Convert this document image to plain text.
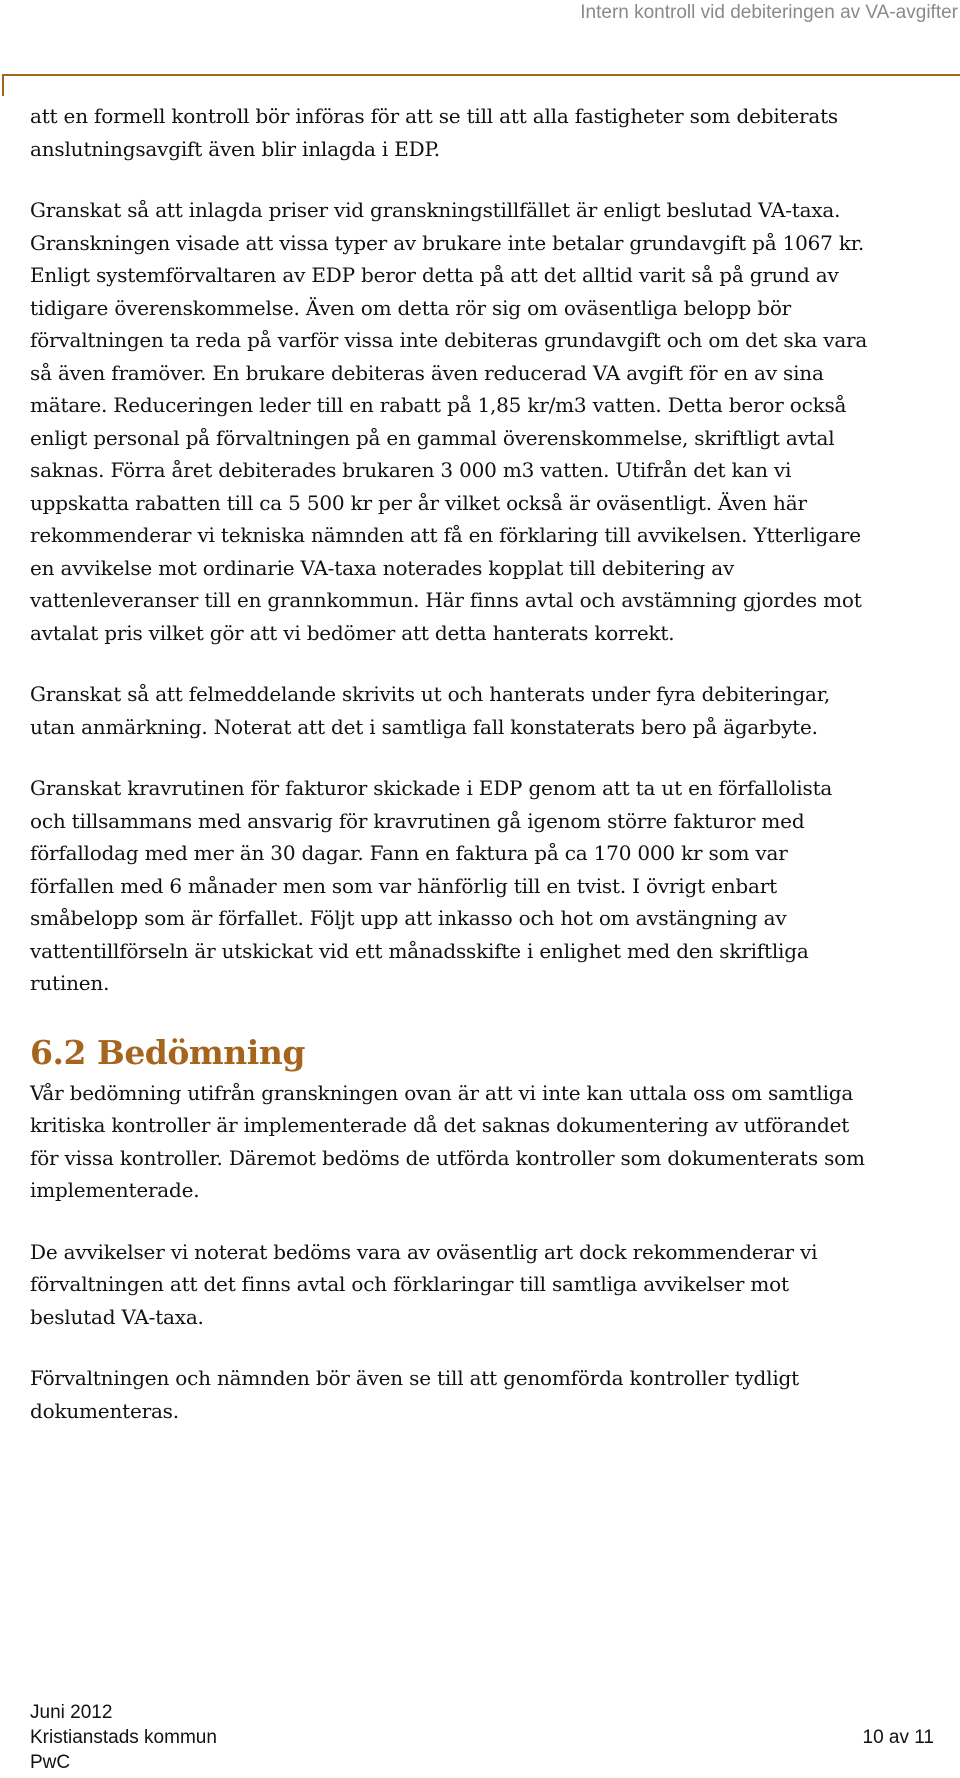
Intern kontroll vid debiteringen av VA-avgifter

att en formell kontroll bör införas för att se till att alla fastigheter som debiterats
anslutningsavgift även blir inlagda i EDP.

Granskat så att inlagda priser vid granskningstillfället är enligt beslutad VA-taxa.
Granskningen visade att vissa typer av brukare inte betalar grundavgift på 1067 kr.
Enligt systemförvaltaren av EDP beror detta på att det alltid varit så på grund av
tidigare överenskommelse. Även om detta rör sig om oväsentliga belopp bör
förvaltningen ta reda på varför vissa inte debiteras grundavgift och om det ska vara
så även framöver. En brukare debiteras även reducerad VA avgift för en av sina
mätare. Reduceringen leder till en rabatt på 1,85 kr/m3 vatten. Detta beror också
enligt personal på förvaltningen på en gammal överenskommelse, skriftligt avtal
saknas. Förra året debiterades brukaren 3 000 m3 vatten. Utifrån det kan vi
uppskatta rabatten till ca 5 500 kr per år vilket också är oväsentligt. Även här
rekommenderar vi tekniska nämnden att få en förklaring till avvikelsen. Ytterligare
en avvikelse mot ordinarie VA-taxa noterades kopplat till debitering av
vattenleveranser till en grannkommun. Här finns avtal och avstämning gjordes mot
avtalat pris vilket gör att vi bedömer att detta hanterats korrekt.

Granskat så att felmeddelande skrivits ut och hanterats under fyra debiteringar,
utan anmärkning. Noterat att det i samtliga fall konstaterats bero på ägarbyte.

Granskat kravrutinen för fakturor skickade i EDP genom att ta ut en förfallolista
och tillsammans med ansvarig för kravrutinen gå igenom större fakturor med
förfallodag med mer än 30 dagar. Fann en faktura på ca 170 000 kr som var
förfallen med 6 månader men som var hänförlig till en tvist. I övrigt enbart
småbelopp som är förfallet. Följt upp att inkasso och hot om avstängning av
vattentillförseln är utskickat vid ett månadsskifte i enlighet med den skriftliga
rutinen.

6.2 Bedömning

Vår bedömning utifrån granskningen ovan är att vi inte kan uttala oss om samtliga
kritiska kontroller är implementerade då det saknas dokumentering av utförandet
för vissa kontroller. Däremot bedöms de utförda kontroller som dokumenterats som
implementerade.

De avvikelser vi noterat bedöms vara av oväsentlig art dock rekommenderar vi
förvaltningen att det finns avtal och förklaringar till samtliga avvikelser mot
beslutad VA-taxa.

Förvaltningen och nämnden bör även se till att genomförda kontroller tydligt
dokumenteras.

Juni 2012
Kristianstads kommun
PwC
10 av 11
